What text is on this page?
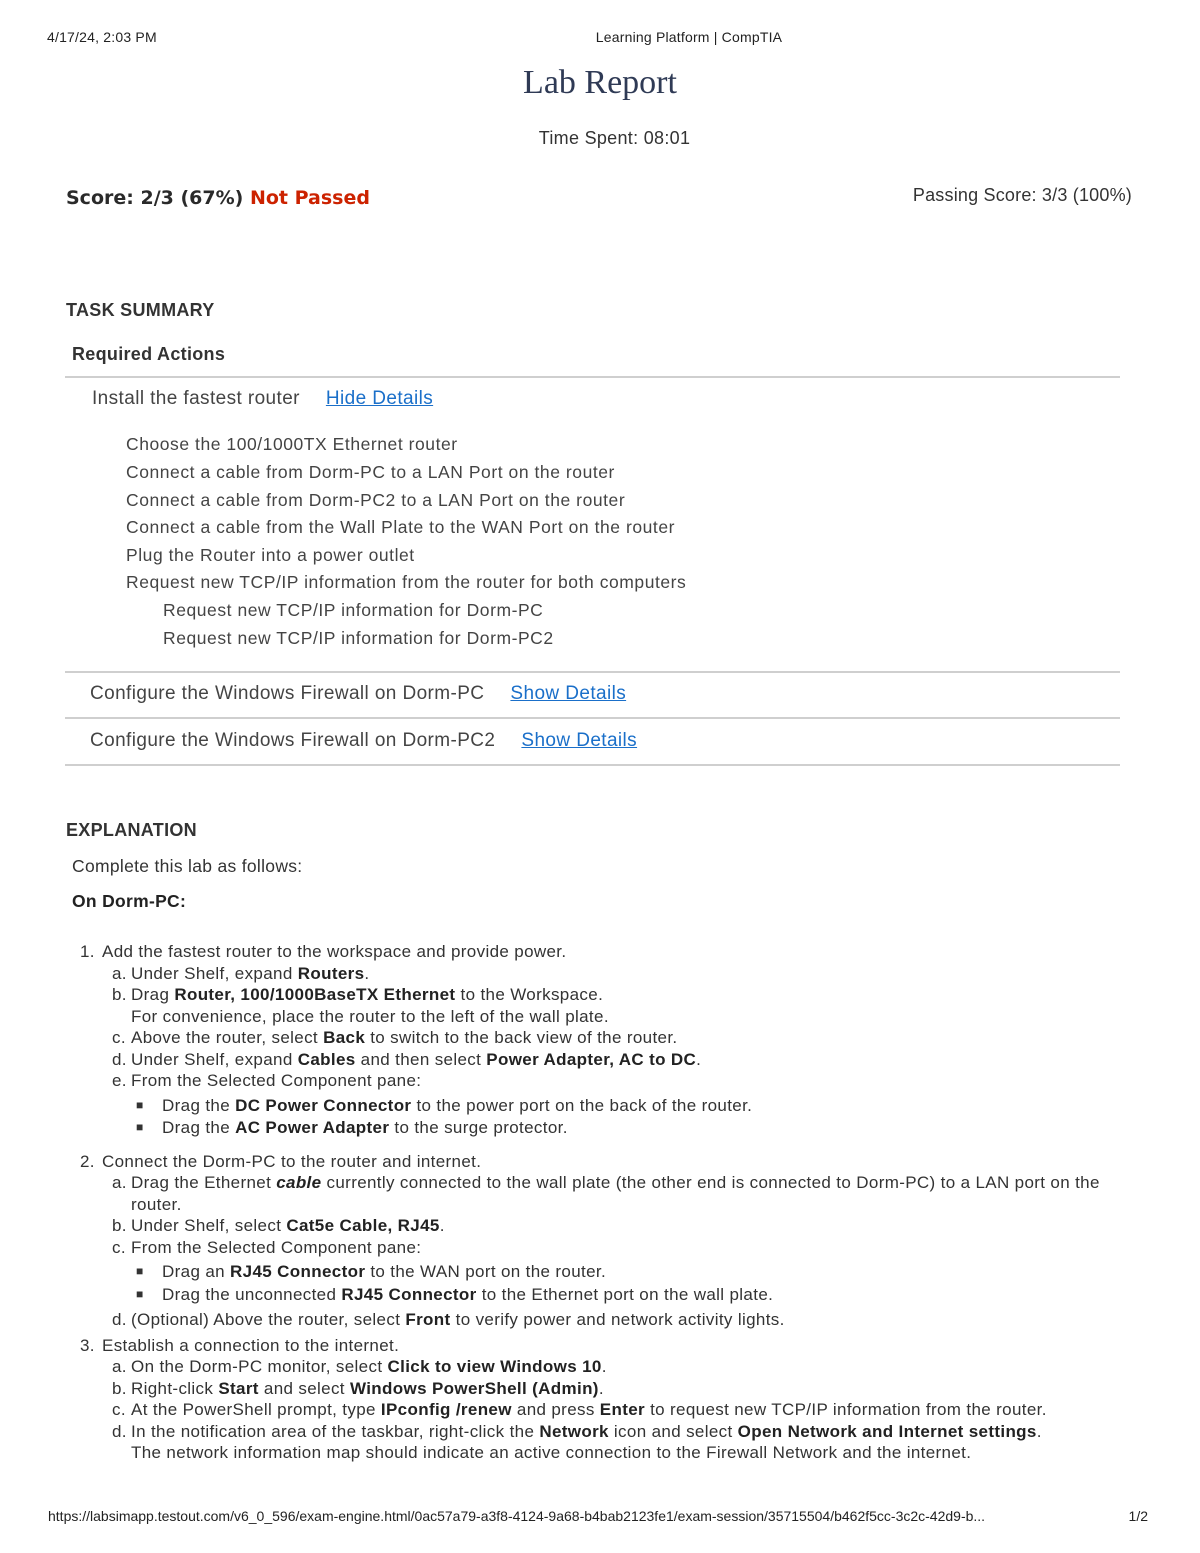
4/17/24, 2:03 PM	Learning Platform | CompTIA
Lab Report
Time Spent: 08:01
Score: 2/3 (67%) Not Passed	Passing Score: 3/3 (100%)
TASK SUMMARY
Required Actions
Install the fastest router Hide Details
Choose the 100/1000TX Ethernet router
Connect a cable from Dorm-PC to a LAN Port on the router
Connect a cable from Dorm-PC2 to a LAN Port on the router
Connect a cable from the Wall Plate to the WAN Port on the router
Plug the Router into a power outlet
Request new TCP/IP information from the router for both computers
Request new TCP/IP information for Dorm-PC
Request new TCP/IP information for Dorm-PC2
Configure the Windows Firewall on Dorm-PC Show Details
Configure the Windows Firewall on Dorm-PC2 Show Details
EXPLANATION
Complete this lab as follows:
On Dorm-PC:
1. Add the fastest router to the workspace and provide power.
a. Under Shelf, expand Routers.
b. Drag Router, 100/1000BaseTX Ethernet to the Workspace.
For convenience, place the router to the left of the wall plate.
c. Above the router, select Back to switch to the back view of the router.
d. Under Shelf, expand Cables and then select Power Adapter, AC to DC.
e. From the Selected Component pane:
■	Drag the DC Power Connector to the power port on the back of the router.
■	Drag the AC Power Adapter to the surge protector.
2. Connect the Dorm-PC to the router and internet.
a. Drag the Ethernet cable currently connected to the wall plate (the other end is connected to Dorm-PC) to a LAN port on the router.
b. Under Shelf, select Cat5e Cable, RJ45.
c. From the Selected Component pane:
■	Drag an RJ45 Connector to the WAN port on the router.
■	Drag the unconnected RJ45 Connector to the Ethernet port on the wall plate.
d. (Optional) Above the router, select Front to verify power and network activity lights.
3. Establish a connection to the internet.
a. On the Dorm-PC monitor, select Click to view Windows 10.
b. Right-click Start and select Windows PowerShell (Admin).
c. At the PowerShell prompt, type IPconfig /renew and press Enter to request new TCP/IP information from the router.
d. In the notification area of the taskbar, right-click the Network icon and select Open Network and Internet settings.
The network information map should indicate an active connection to the Firewall Network and the internet.
https://labsimapp.testout.com/v6_0_596/exam-engine.html/0ac57a79-a3f8-4124-9a68-b4bab2123fe1/exam-session/35715504/b462f5cc-3c2c-42d9-b...	1/2
